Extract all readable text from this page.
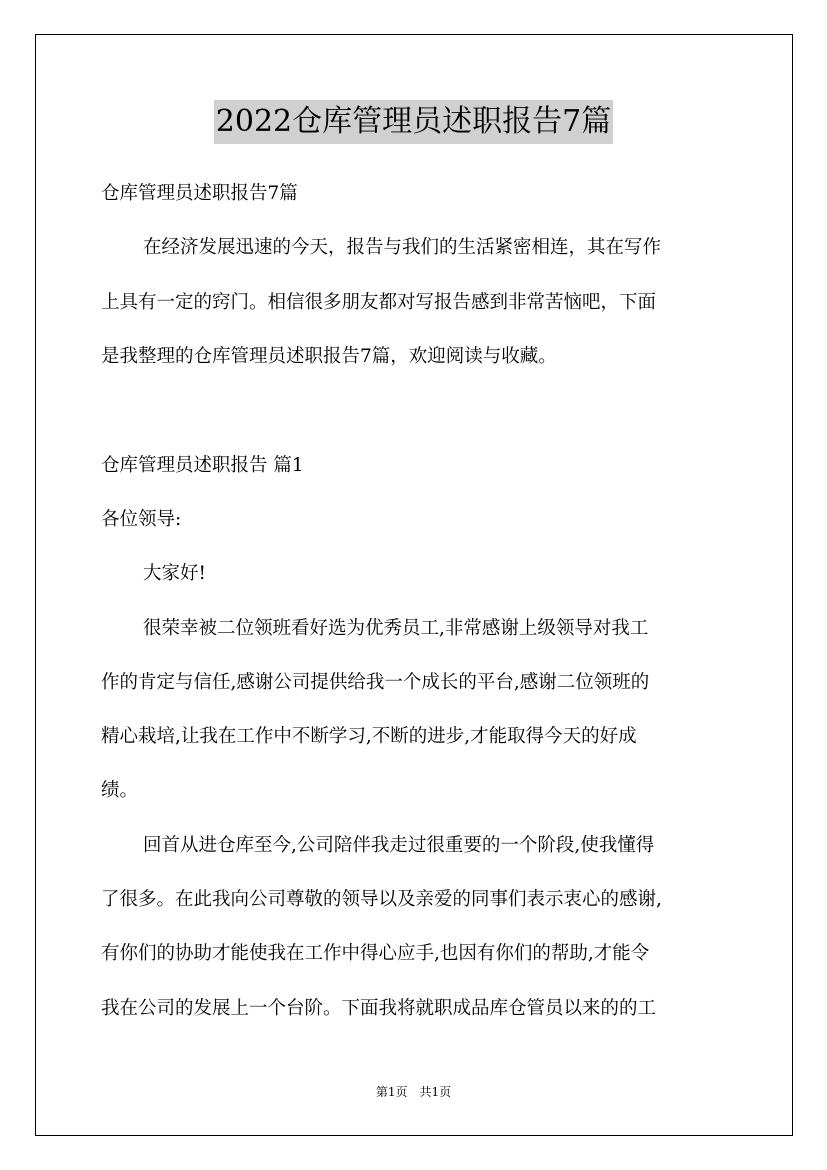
2022仓库管理员述职报告7篇
仓库管理员述职报告7篇
在经济发展迅速的今天，报告与我们的生活紧密相连，其在写作
上具有一定的窍门。相信很多朋友都对写报告感到非常苦恼吧，下面
是我整理的仓库管理员述职报告7篇，欢迎阅读与收藏。
仓库管理员述职报告 篇1
各位领导:
大家好!
很荣幸被二位领班看好选为优秀员工,非常感谢上级领导对我工
作的肯定与信任,感谢公司提供给我一个成长的平台,感谢二位领班的
精心栽培,让我在工作中不断学习,不断的进步,才能取得今天的好成
绩。
回首从进仓库至今,公司陪伴我走过很重要的一个阶段,使我懂得
了很多。在此我向公司尊敬的领导以及亲爱的同事们表示衷心的感谢,
有你们的协助才能使我在工作中得心应手,也因有你们的帮助,才能令
我在公司的发展上一个台阶。下面我将就职成品库仓管员以来的的工
第1页　共1页
